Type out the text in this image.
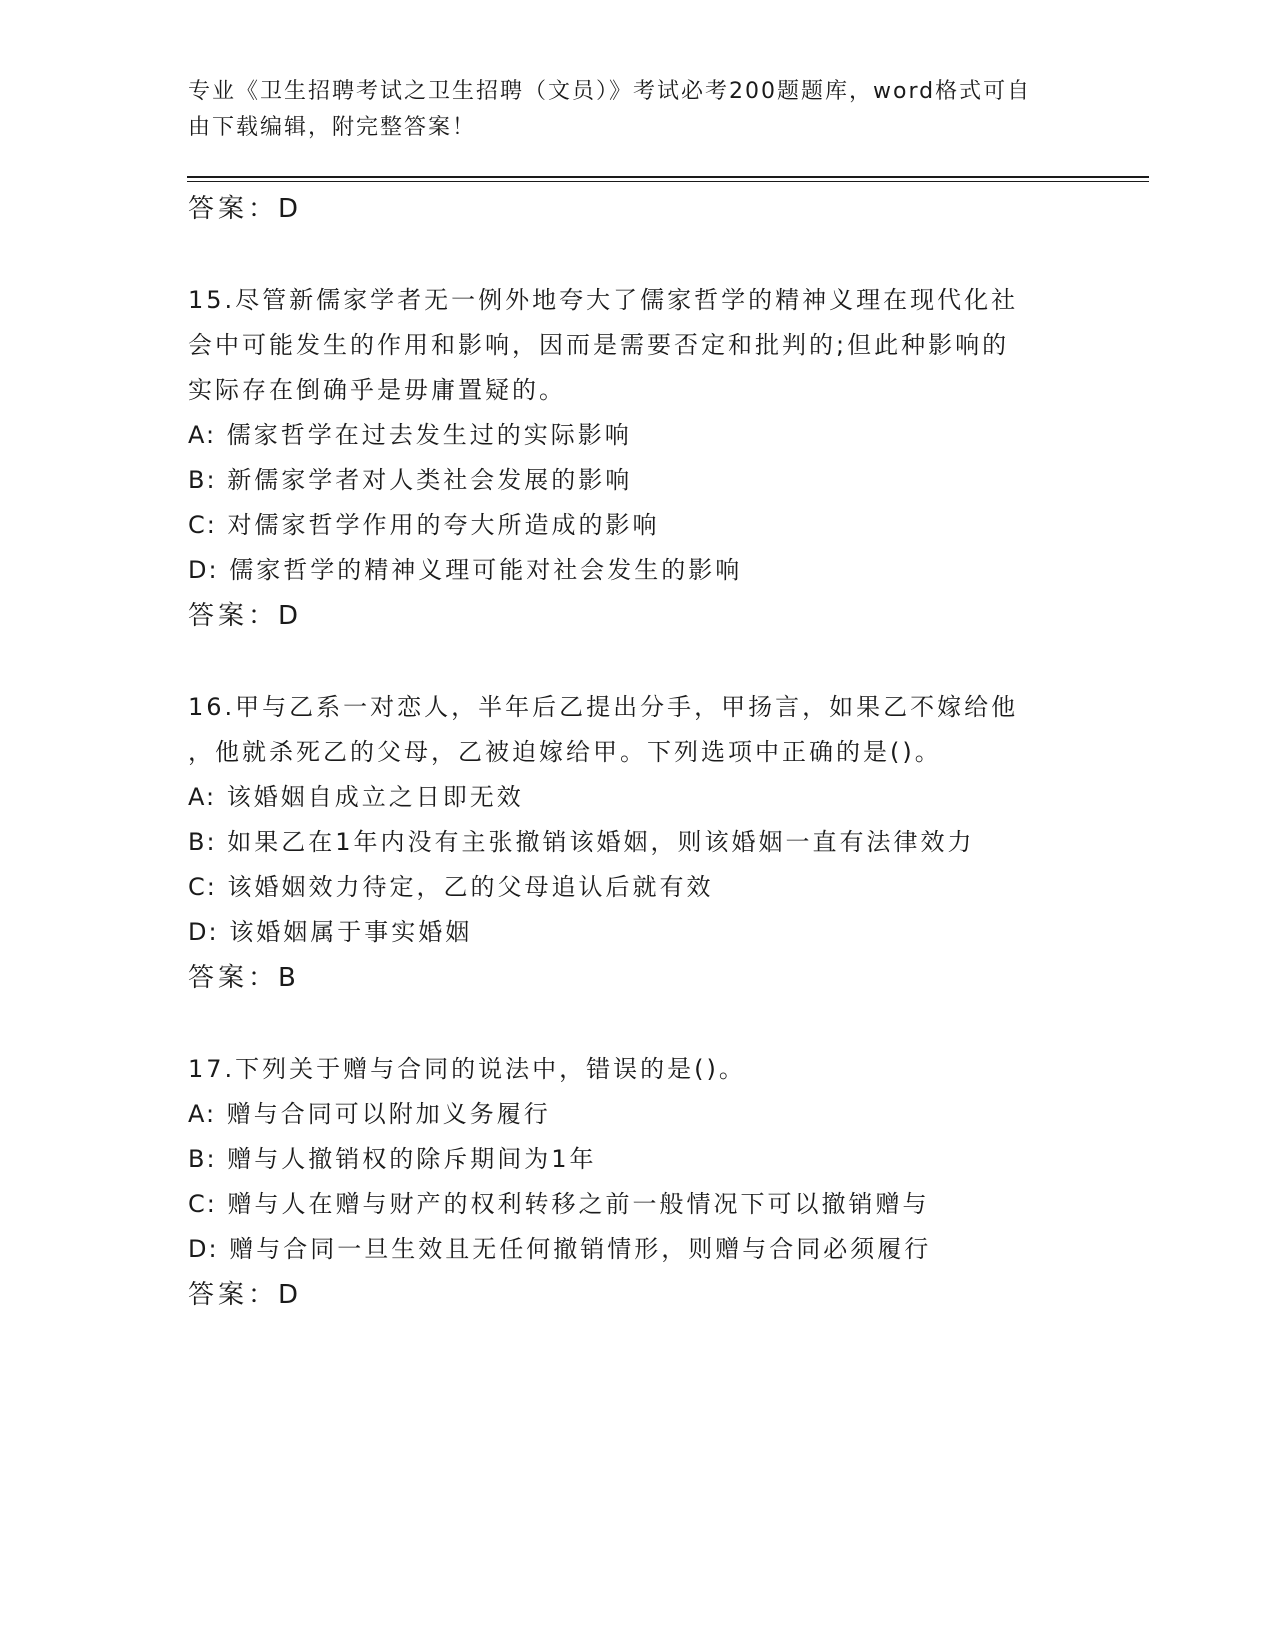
专业《卫生招聘考试之卫生招聘（文员）》考试必考200题题库，word格式可自
由下载编辑，附完整答案！
答案：D
15.尽管新儒家学者无一例外地夸大了儒家哲学的精神义理在现代化社
会中可能发生的作用和影响，因而是需要否定和批判的;但此种影响的
实际存在倒确乎是毋庸置疑的。
A: 儒家哲学在过去发生过的实际影响
B: 新儒家学者对人类社会发展的影响
C: 对儒家哲学作用的夸大所造成的影响
D: 儒家哲学的精神义理可能对社会发生的影响
答案：D
16.甲与乙系一对恋人，半年后乙提出分手，甲扬言，如果乙不嫁给他
，他就杀死乙的父母，乙被迫嫁给甲。下列选项中正确的是()。
A: 该婚姻自成立之日即无效
B: 如果乙在1年内没有主张撤销该婚姻，则该婚姻一直有法律效力
C: 该婚姻效力待定，乙的父母追认后就有效
D: 该婚姻属于事实婚姻
答案：B
17.下列关于赠与合同的说法中，错误的是()。
A: 赠与合同可以附加义务履行
B: 赠与人撤销权的除斥期间为1年
C: 赠与人在赠与财产的权利转移之前一般情况下可以撤销赠与
D: 赠与合同一旦生效且无任何撤销情形，则赠与合同必须履行
答案：D
